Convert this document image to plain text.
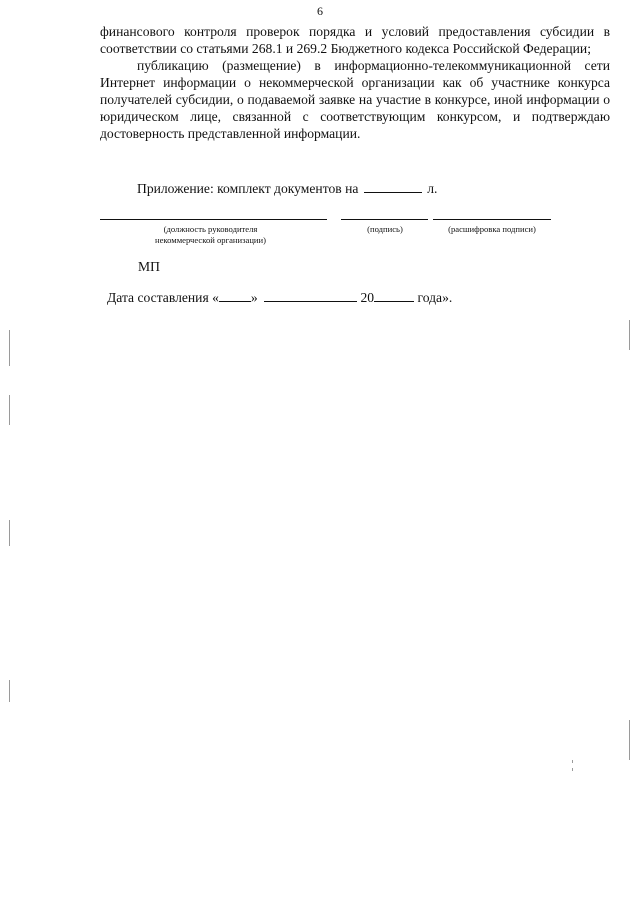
6

финансового контроля проверок порядка и условий предоставления субсидии в соответствии со статьями 268.1 и 269.2 Бюджетного кодекса Российской Федерации;

публикацию (размещение) в информационно-телекоммуникационной сети Интернет информации о некоммерческой организации как об участнике конкурса получателей субсидии, о подаваемой заявке на участие в конкурсе, иной информации о юридическом лице, связанной с соответствующим конкурсом, и подтверждаю достоверность представленной информации.

Приложение: комплект документов на	л.
(должность руководителя
некоммерческой организации)
(подпись)	(расшифровка подписи)
МП
Дата составления « »	20	года».
